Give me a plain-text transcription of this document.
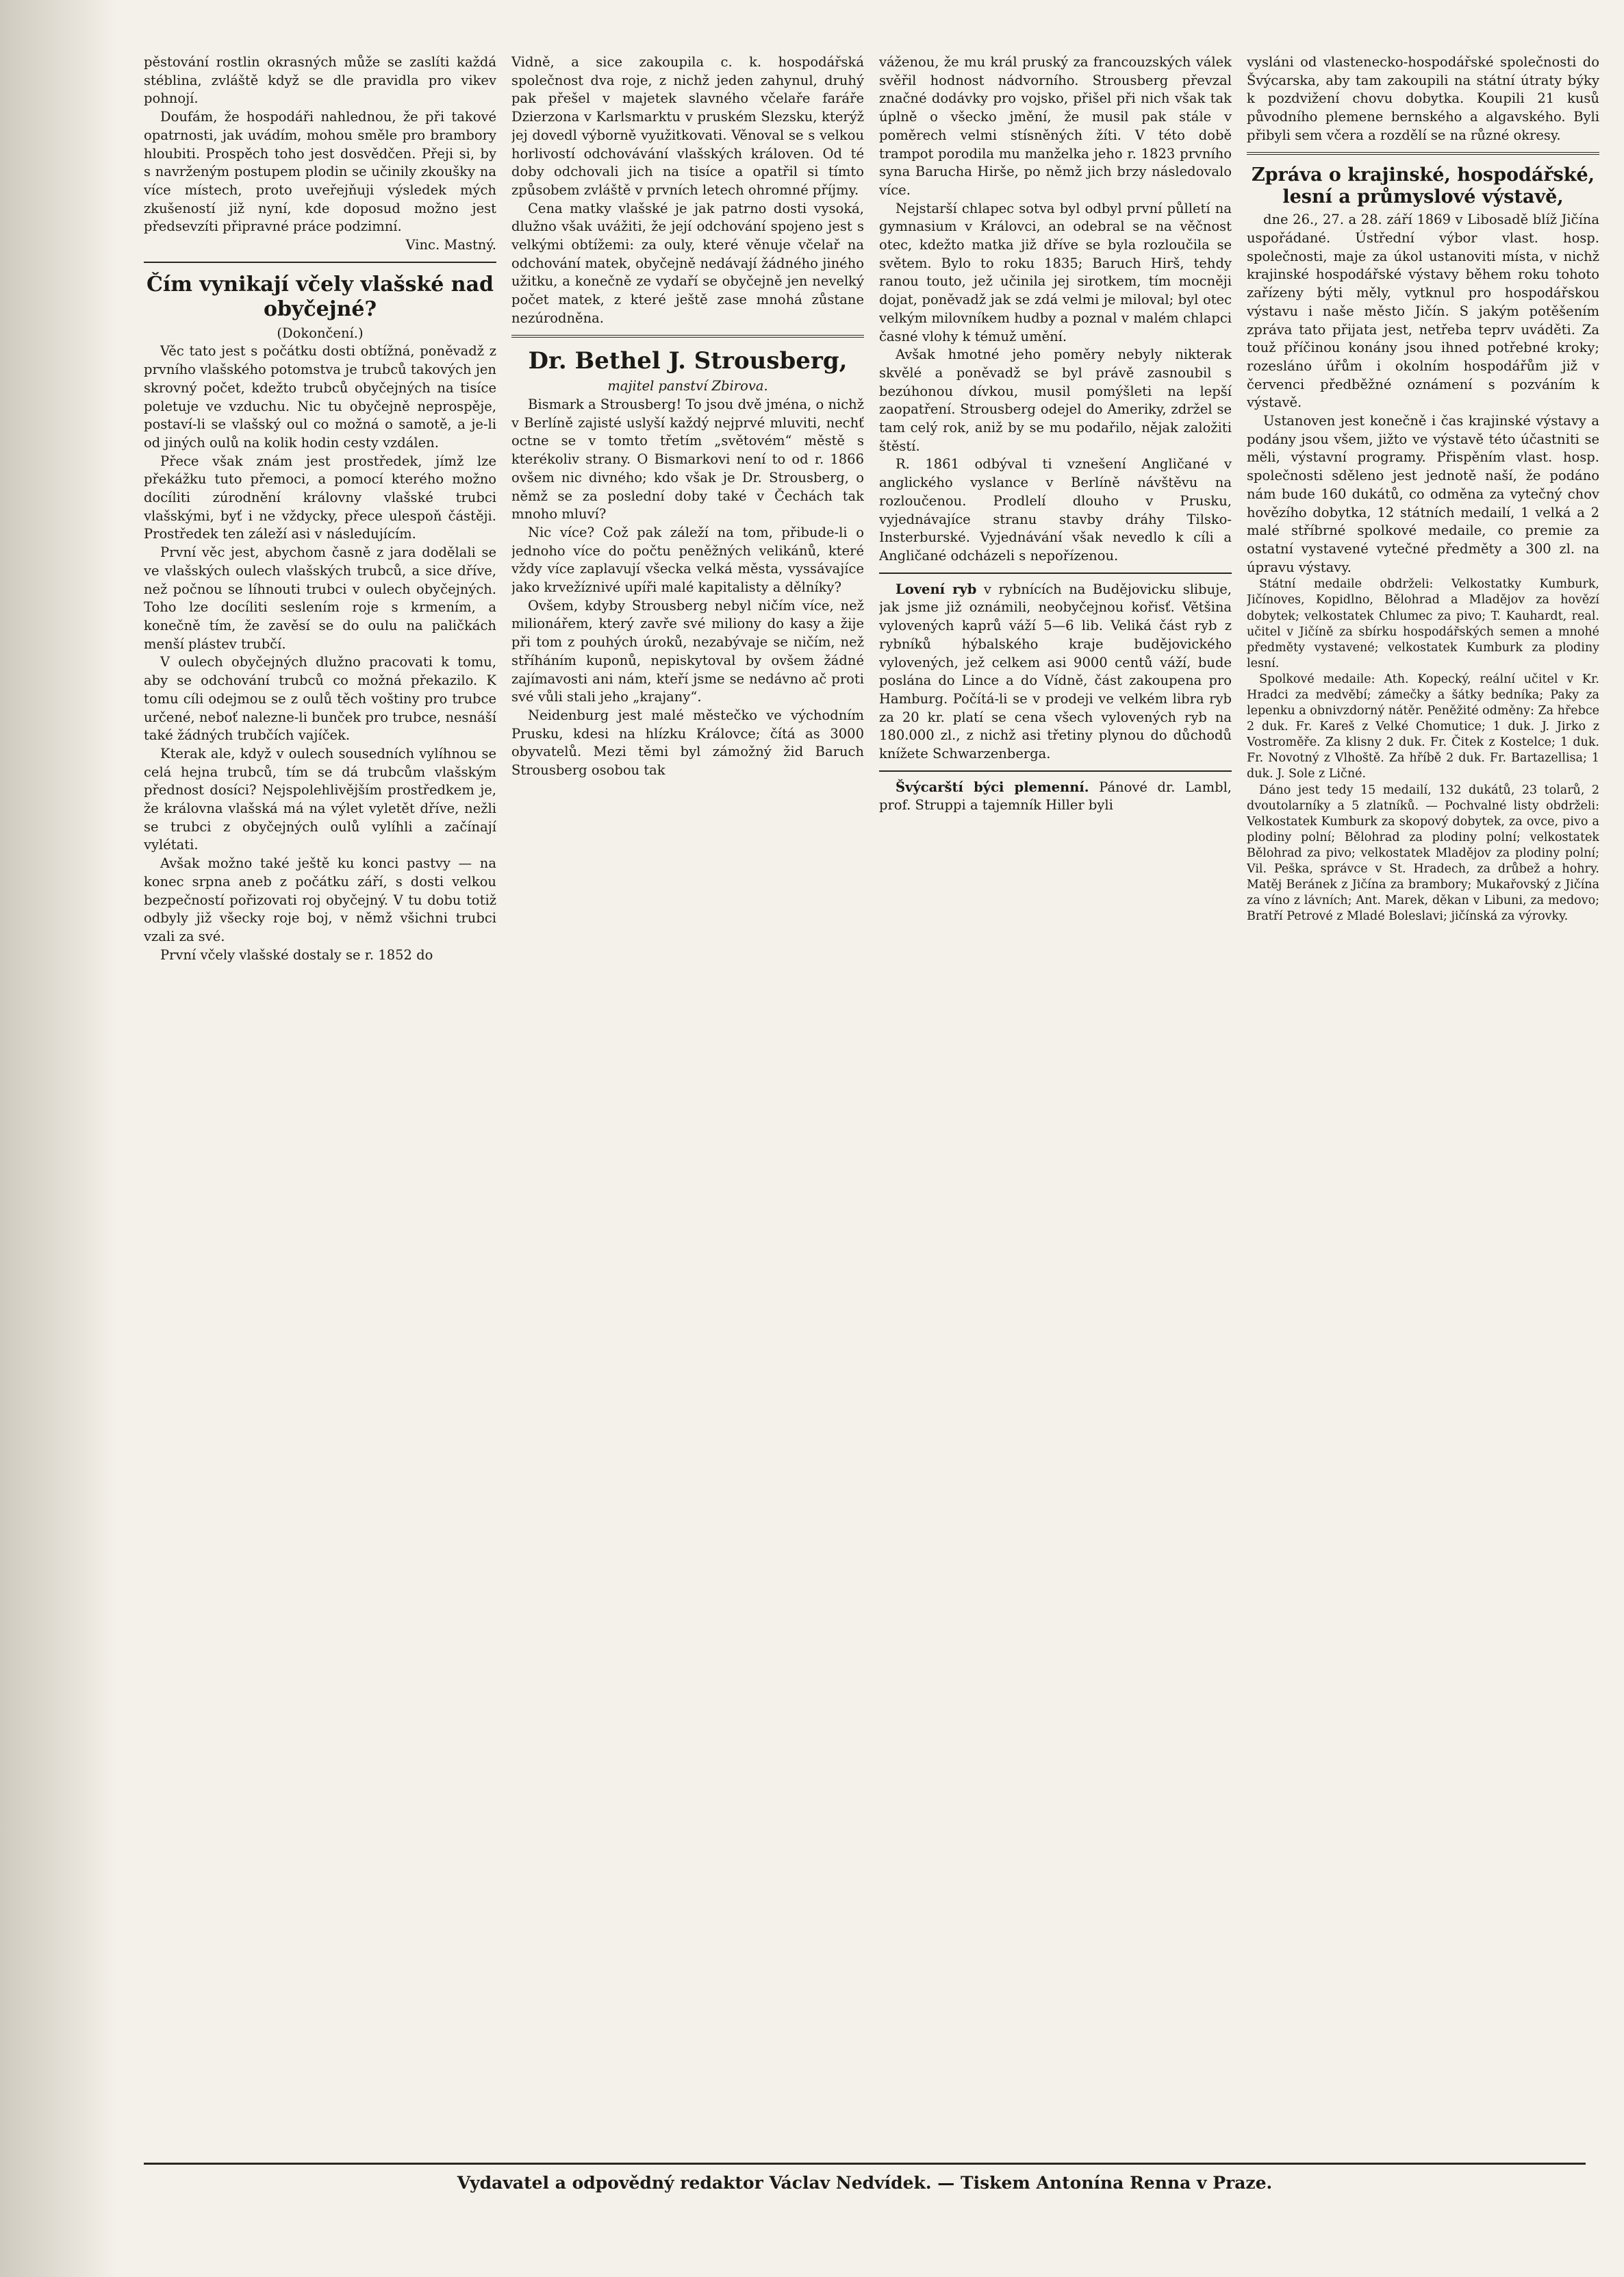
pěstování rostlin okrasných může se zaslíti každá stéblina, zvláště když se dle pravidla pro vikev pohnojí.

Doufám, že hospodáři nahlednou, že při takové opatrnosti, jak uvádím, mohou směle pro brambory hloubiti. Prospěch toho jest dosvědčen. Přeji si, by s navrženým postupem plodin se učinily zkoušky na více místech, proto uveřejňuji výsledek mých zkušeností již nyní, kde doposud možno jest předsevzíti připravné práce podzimní.

Vinc. Mastný.

Čím vynikají včely vlašské nad obyčejné?

(Dokončení.)

Věc tato jest s počátku dosti obtížná, poněvadž z prvního vlašského potomstva je trubců takových jen skrovný počet, kdežto trubců obyčejných na tisíce poletuje ve vzduchu. Nic tu obyčejně neprospěje, postaví-li se vlašský oul co možná o samotě, a je-li od jiných oulů na kolik hodin cesty vzdálen.

Přece však znám jest prostředek, jímž lze překážku tuto přemoci, a pomocí kterého možno docíliti zúrodnění královny vlašské trubci vlašskými, byť i ne vždycky, přece ulespoň částěji. Prostředek ten záleží asi v následujícím.

První věc jest, abychom časně z jara dodělali se ve vlašských oulech vlašských trubců, a sice dříve, než počnou se líhnouti trubci v oulech obyčejných. Toho lze docíliti seslením roje s krmením, a konečně tím, že zavěsí se do oulu na paličkách menší plástev trubčí.

V oulech obyčejných dlužno pracovati k tomu, aby se odchování trubců co možná překazilo. K tomu cíli odejmou se z oulů těch voštiny pro trubce určené, neboť nalezne-li bunček pro trubce, nesnáší také žádných trubčích vajíček.

Kterak ale, když v oulech sousedních vylíhnou se celá hejna trubců, tím se dá trubcům vlašským přednost dosíci? Nejspolehlivějším prostředkem je, že královna vlašská má na výlet vyletět dříve, nežli se trubci z obyčejných oulů vylíhli a začínají vylétati.

Avšak možno také ještě ku konci pastvy — na konec srpna aneb z počátku září, s dosti velkou bezpečností pořizovati roj obyčejný. V tu dobu totiž odbyly již všecky roje boj, v němž všichni trubci vzali za své.

První včely vlašské dostaly se r. 1852 do

Vidně, a sice zakoupila c. k. hospodářská společnost dva roje, z nichž jeden zahynul, druhý pak přešel v majetek slavného včelaře faráře Dzierzona v Karlsmarktu v pruském Slezsku, kterýž jej dovedl výborně využitkovati. Věnoval se s velkou horlivostí odchovávání vlašských královen. Od té doby odchovali jich na tisíce a opatřil si tímto způsobem zvláště v prvních letech ohromné příjmy.

Cena matky vlašské je jak patrno dosti vysoká, dlužno však uvážiti, že její odchování spojeno jest s velkými obtížemi: za ouly, které věnuje včelař na odchování matek, obyčejně nedávají žádného jiného užitku, a konečně ze vydaří se obyčejně jen nevelký počet matek, z které ještě zase mnohá zůstane nezúrodněna.

Dr. Bethel J. Strousberg,

majitel panství Zbirova.

Bismark a Strousberg! To jsou dvě jména, o nichž v Berlíně zajisté uslyší každý nejprvé mluviti, nechť octne se v tomto třetím „světovém“ městě s kterékoliv strany. O Bismarkovi není to od r. 1866 ovšem nic divného; kdo však je Dr. Strousberg, o němž se za poslední doby také v Čechách tak mnoho mluví?

Nic více? Což pak záleží na tom, přibude-li o jednoho více do počtu peněžných velikánů, které vždy více zaplavují všecka velká města, vyssávajíce jako krvežíznivé upíři malé kapitalisty a dělníky?

Ovšem, kdyby Strousberg nebyl ničím více, než milionářem, který zavře své miliony do kasy a žije při tom z pouhých úroků, nezabývaje se ničím, než stříháním kuponů, nepiskytoval by ovšem žádné zajímavosti ani nám, kteří jsme se nedávno ač proti své vůli stali jeho „krajany“.

Neidenburg jest malé městečko ve východním Prusku, kdesi na hlízku Královce; čítá as 3000 obyvatelů. Mezi těmi byl zámožný žid Baruch Strousberg osobou tak

váženou, že mu král pruský za francouzských válek svěřil hodnost nádvorního. Strousberg převzal značné dodávky pro vojsko, přišel při nich však tak úplně o všecko jmění, že musil pak stále v poměrech velmi stísněných žíti. V této době trampot porodila mu manželka jeho r. 1823 prvního syna Barucha Hirše, po němž jich brzy následovalo více.

Nejstarší chlapec sotva byl odbyl první půlletí na gymnasium v Královci, an odebral se na věčnost otec, kdežto matka již dříve se byla rozloučila se světem. Bylo to roku 1835; Baruch Hirš, tehdy ranou touto, jež učinila jej sirotkem, tím mocněji dojat, poněvadž jak se zdá velmi je miloval; byl otec velkým milovníkem hudby a poznal v malém chlapci časné vlohy k témuž umění.

Avšak hmotné jeho poměry nebyly nikterak skvělé a poněvadž se byl právě zasnoubil s bezúhonou dívkou, musil pomýšleti na lepší zaopatření. Strousberg odejel do Ameriky, zdržel se tam celý rok, aniž by se mu podařilo, nějak založiti štěstí.

R. 1861 odbýval ti vznešení Angličané v anglického vyslance v Berlíně návštěvu na rozloučenou. Prodlelí dlouho v Prusku, vyjednávajíce stranu stavby dráhy Tilsko-Insterburské. Vyjednávání však nevedlo k cíli a Angličané odcházeli s nepořízenou.

Lovení ryb v rybnících na Budějovicku slibuje, jak jsme již oznámili, neobyčejnou kořisť. Většina vylovených kaprů váží 5—6 lib. Veliká část ryb z rybníků hýbalského kraje budějovického vylovených, jež celkem asi 9000 centů váží, bude poslána do Lince a do Vídně, část zakoupena pro Hamburg. Počítá-li se v prodeji ve velkém libra ryb za 20 kr. platí se cena všech vylovených ryb na 180.000 zl., z nichž asi třetiny plynou do důchodů knížete Schwarzenberga.

Švýcarští býci plemenní. Pánové dr. Lambl, prof. Struppi a tajemník Hiller byli

vysláni od vlastenecko-hospodářské společnosti do Švýcarska, aby tam zakoupili na státní útraty býky k pozdvižení chovu dobytka. Koupili 21 kusů původního plemene bernského a algavského. Byli přibyli sem včera a rozdělí se na různé okresy.

Zpráva o krajinské, hospodářské, lesní a průmyslové výstavě,

dne 26., 27. a 28. září 1869 v Libosadě blíž Jičína uspořádané. Ústřední výbor vlast. hosp. společnosti, maje za úkol ustanoviti místa, v nichž krajinské hospodářské výstavy během roku tohoto zařízeny býti měly, vytknul pro hospodářskou výstavu i naše město Jičín. S jakým potěšením zpráva tato přijata jest, netřeba teprv uváděti. Za touž příčinou konány jsou ihned potřebné kroky; rozesláno úřům i okolním hospodářům již v červenci předběžné oznámení s pozváním k výstavě.

Ustanoven jest konečně i čas krajinské výstavy a podány jsou všem, jižto ve výstavě této účastniti se měli, výstavní programy. Přispěním vlast. hosp. společnosti sděleno jest jednotě naší, že podáno nám bude 160 dukátů, co odměna za vytečný chov hovězího dobytka, 12 státních medailí, 1 velká a 2 malé stříbrné spolkové medaile, co premie za ostatní vystavené vytečné předměty a 300 zl. na úpravu výstavy.

Státní medaile obdrželi: Velkostatky Kumburk, Jičínoves, Kopidlno, Bělohrad a Mladějov za hovězí dobytek; velkostatek Chlumec za pivo; T. Kauhardt, real. učitel v Jičíně za sbírku hospodářských semen a mnohé předměty vystavené; velkostatek Kumburk za plodiny lesní.

Spolkové medaile: Ath. Kopecký, reální učitel v Kr. Hradci za medvěbí; zámečky a šátky bedníka; Paky za lepenku a obnivzdorný nátěr. Peněžité odměny: Za hřebce 2 duk. Fr. Kareš z Velké Chomutice; 1 duk. J. Jirko z Vostroměře. Za klisny 2 duk. Fr. Čitek z Kostelce; 1 duk. Fr. Novotný z Vlhoště. Za hříbě 2 duk. Fr. Bartazellisa; 1 duk. J. Sole z Ličné.

Dáno jest tedy 15 medailí, 132 dukátů, 23 tolarů, 2 dvoutolarníky a 5 zlatníků. — Pochvalné listy obdrželi: Velkostatek Kumburk za skopový dobytek, za ovce, pivo a plodiny polní; Bělohrad za plodiny polní; velkostatek Bělohrad za pivo; velkostatek Mladějov za plodiny polní; Vil. Peška, správce v St. Hradech, za drůbež a hohry. Matěj Beránek z Jičína za brambory; Mukařovský z Jičína za víno z lávních; Ant. Marek, děkan v Libuni, za medovo; Bratří Petrové z Mladé Boleslavi; jičínská za výrovky.

Vydavatel a odpovědný redaktor Václav Nedvídek. — Tiskem Antonína Renna v Praze.
